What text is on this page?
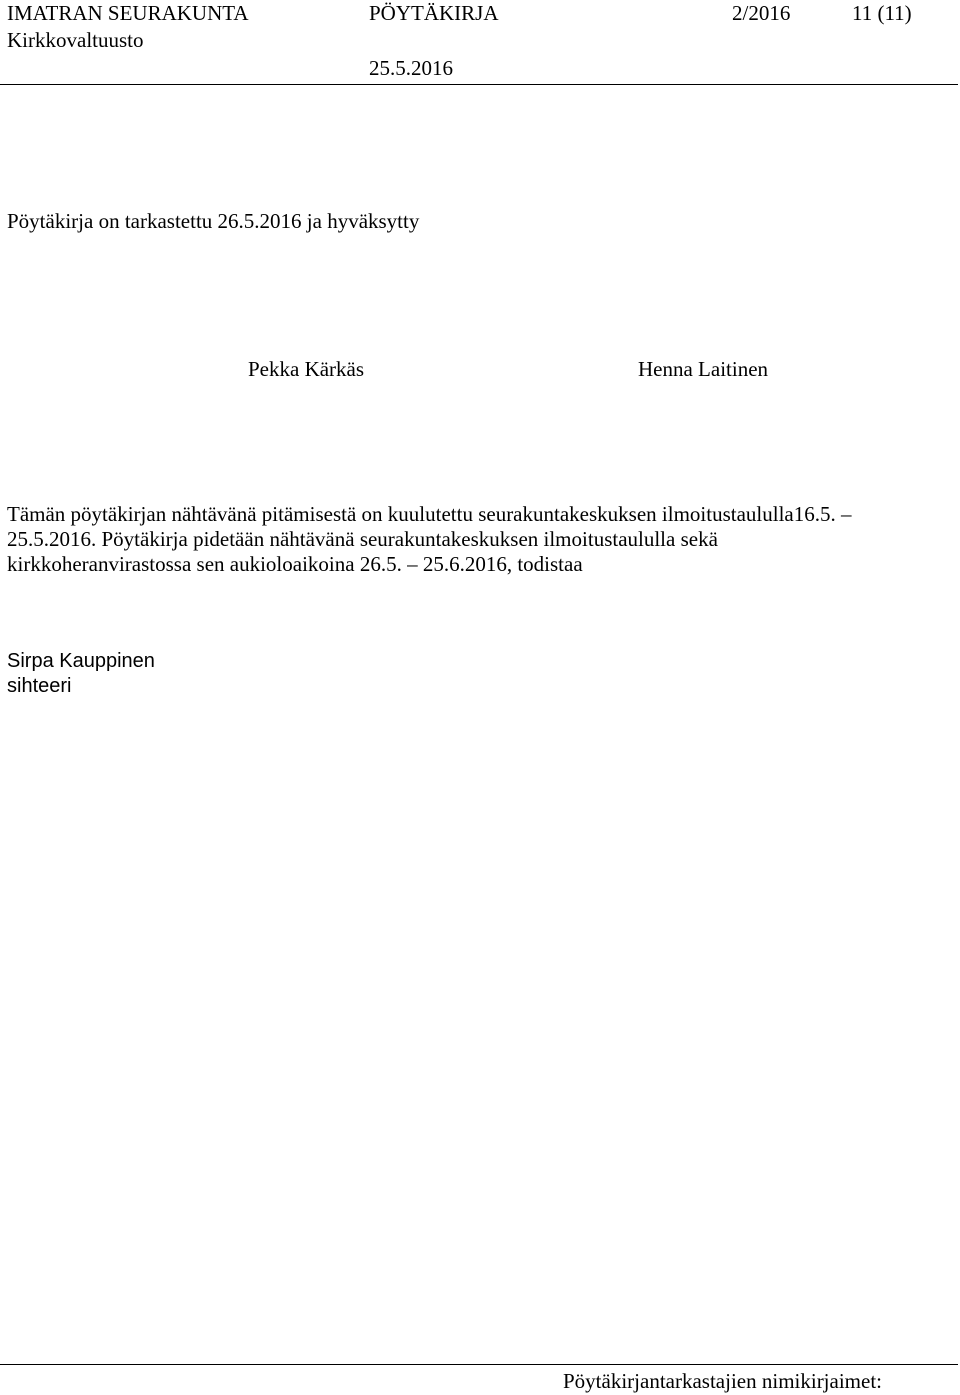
IMATRAN SEURAKUNTA	PÖYTÄKIRJA	2/2016	11 (11)
Kirkkovaltuusto
25.5.2016
Pöytäkirja on tarkastettu 26.5.2016 ja hyväksytty
Pekka Kärkäs	Henna Laitinen
Tämän pöytäkirjan nähtävänä pitämisestä on kuulutettu seurakuntakeskuksen ilmoitustaululla16.5. –
25.5.2016. Pöytäkirja pidetään nähtävänä seurakuntakeskuksen ilmoitustaululla sekä
kirkkoheranvirastossa sen aukioloaikoina 26.5. – 25.6.2016, todistaa
Sirpa Kauppinen
sihteeri
Pöytäkirjantarkastajien nimikirjaimet:
